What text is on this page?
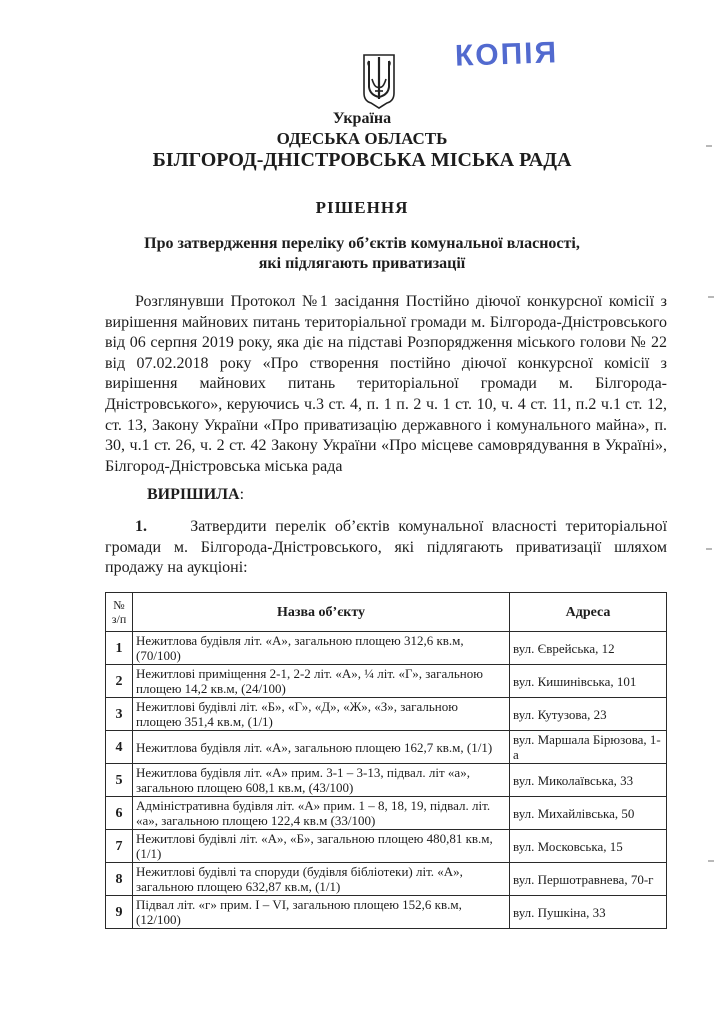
КОПІЯ
Україна
ОДЕСЬКА ОБЛАСТЬ
БІЛГОРОД-ДНІСТРОВСЬКА МІСЬКА РАДА
РІШЕННЯ
Про затвердження переліку об’єктів комунальної власності,
які підлягають приватизації
Розглянувши Протокол №1 засідання Постійно діючої конкурсної комісії з вирішення майнових питань територіальної громади м. Білгорода-Дністровського від 06 серпня 2019 року, яка діє на підставі Розпорядження міського голови № 22 від 07.02.2018 року «Про створення постійно діючої конкурсної комісії з вирішення майнових питань територіальної громади м. Білгорода-Дністровського», керуючись ч.3 ст. 4, п. 1 п. 2 ч. 1 ст. 10, ч. 4 ст. 11, п.2 ч.1 ст. 12, ст. 13, Закону України «Про приватизацію державного і комунального майна», п. 30, ч.1 ст. 26, ч. 2 ст. 42 Закону України «Про місцеве самоврядування в Україні», Білгород-Дністровська міська рада
ВИРІШИЛА:
1.	Затвердити перелік об’єктів комунальної власності територіальної громади м. Білгорода-Дністровського, які підлягають приватизації шляхом продажу на аукціоні:
№ з/п	Назва об’єкту	Адреса
1	Нежитлова будівля літ. «А», загальною площею 312,6 кв.м, (70/100)	вул. Єврейська, 12
2	Нежитлові приміщення 2-1, 2-2 літ. «А», ¼ літ. «Г», загальною площею 14,2 кв.м, (24/100)	вул. Кишинівська, 101
3	Нежитлові будівлі літ. «Б», «Г», «Д», «Ж», «З», загальною площею 351,4 кв.м, (1/1)	вул. Кутузова, 23
4	Нежитлова будівля літ. «А», загальною площею 162,7 кв.м, (1/1)	вул. Маршала Бірюзова, 1-а
5	Нежитлова будівля літ. «А» прим. 3-1 – 3-13, підвал. літ «а», загальною площею 608,1 кв.м, (43/100)	вул. Миколаївська, 33
6	Адміністративна будівля літ. «А» прим. 1 – 8, 18, 19, підвал. літ. «а», загальною площею 122,4 кв.м (33/100)	вул. Михайлівська, 50
7	Нежитлові будівлі літ. «А», «Б», загальною площею 480,81 кв.м, (1/1)	вул. Московська, 15
8	Нежитлові будівлі та споруди (будівля бібліотеки) літ. «А», загальною площею 632,87 кв.м, (1/1)	вул. Першотравнева, 70-г
9	Підвал літ. «г» прим. I – VI, загальною площею 152,6 кв.м, (12/100)	вул. Пушкіна, 33
